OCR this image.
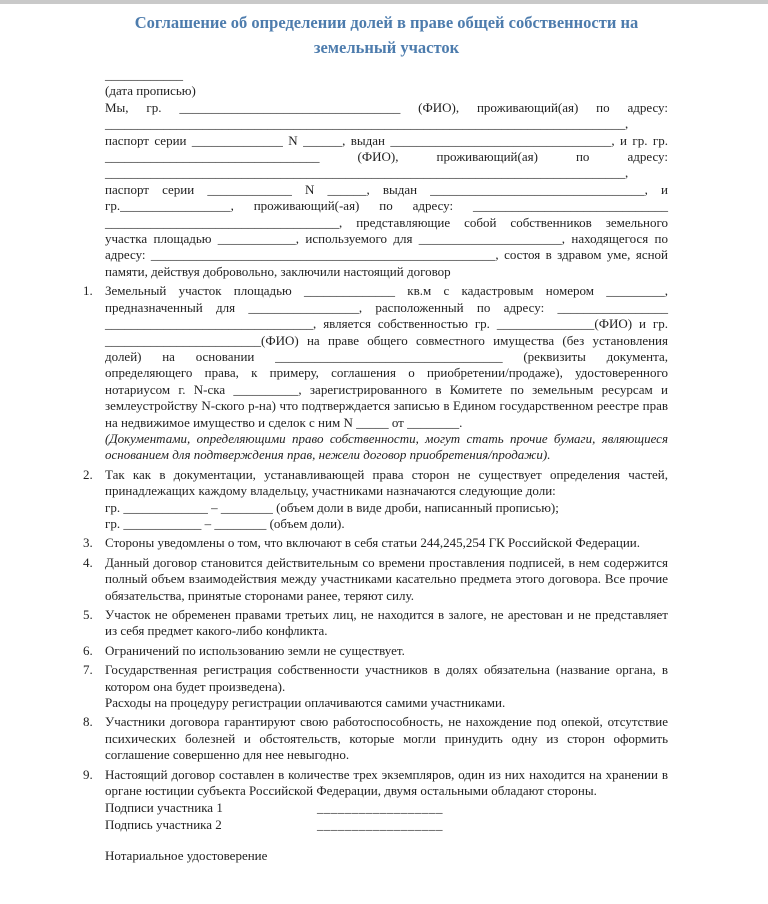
Соглашение об определении долей в праве общей собственности на земельный участок
____________
(дата прописью)

Мы, гр. __________________________________ (ФИО), проживающий(ая) по адресу: ________________________________________________________________________________, паспорт серии ______________ N ______, выдан __________________________________, и гр. гр. _________________________________ (ФИО), проживающий(ая) по адресу: ________________________________________________________________________________, паспорт серии _____________ N ______, выдан _________________________________, и гр._________________, проживающий(-ая) по адресу: ______________________________ ____________________________________, представляющие собой собственников земельного участка площадью ____________, используемого для ______________________, находящегося по адресу: _____________________________________________________, состоя в здравом уме, ясной памяти, действуя добровольно, заключили настоящий договор

1. Земельный участок площадью ______________ кв.м с кадастровым номером _________, предназначенный для _________________, расположенный по адресу: _________________ ________________________________, является собственностью гр. _______________(ФИО) и гр. ________________________(ФИО) на праве общего совместного имущества (без установления долей) на основании ___________________________________ (реквизиты документа, определяющего права, к примеру, соглашения о приобретении/продаже), удостоверенного нотариусом г. N-ска __________, зарегистрированного в Комитете по земельным ресурсам и землеустройству N-ского р-на) что подтверждается записью в Едином государственном реестре прав на недвижимое имущество и сделок с ним N _____ от ________.

(Документами, определяющими право собственности, могут стать прочие бумаги, являющиеся основанием для подтверждения прав, нежели договор приобретения/продажи).

2. Так как в документации, устанавливающей права сторон не существует определения частей, принадлежащих каждому владельцу, участниками назначаются следующие доли:

гр. _____________ – ________ (объем доли в виде дроби, написанный прописью);
гр. ____________ – ________ (объем доли).
3. Стороны уведомлены о том, что включают в себя статьи 244,245,254 ГК Российской Федерации.

4. Данный договор становится действительным со времени проставления подписей, в нем содержится полный объем взаимодействия между участниками касательно предмета этого договора. Все прочие обязательства, принятые сторонами ранее, теряют силу.

5. Участок не обременен правами третьих лиц, не находится в залоге, не арестован и не представляет из себя предмет какого-либо конфликта.

6. Ограничений по использованию земли не существует.

7. Государственная регистрация собственности участников в долях обязательна (название органа, в котором она будет произведена).

Расходы на процедуру регистрации оплачиваются самими участниками.

8. Участники договора гарантируют свою работоспособность, не нахождение под опекой, отсутствие психических болезней и обстоятельств, которые могли принудить одну из сторон оформить соглашение совершенно для нее невыгодно.

9. Настоящий договор составлен в количестве трех экземпляров, один из них находится на хранении в органе юстиции субъекта Российской Федерации, двумя остальными обладают стороны.

Подписи участника 1	__________________
Подпись участника 2	__________________
Нотариальное удостоверение
